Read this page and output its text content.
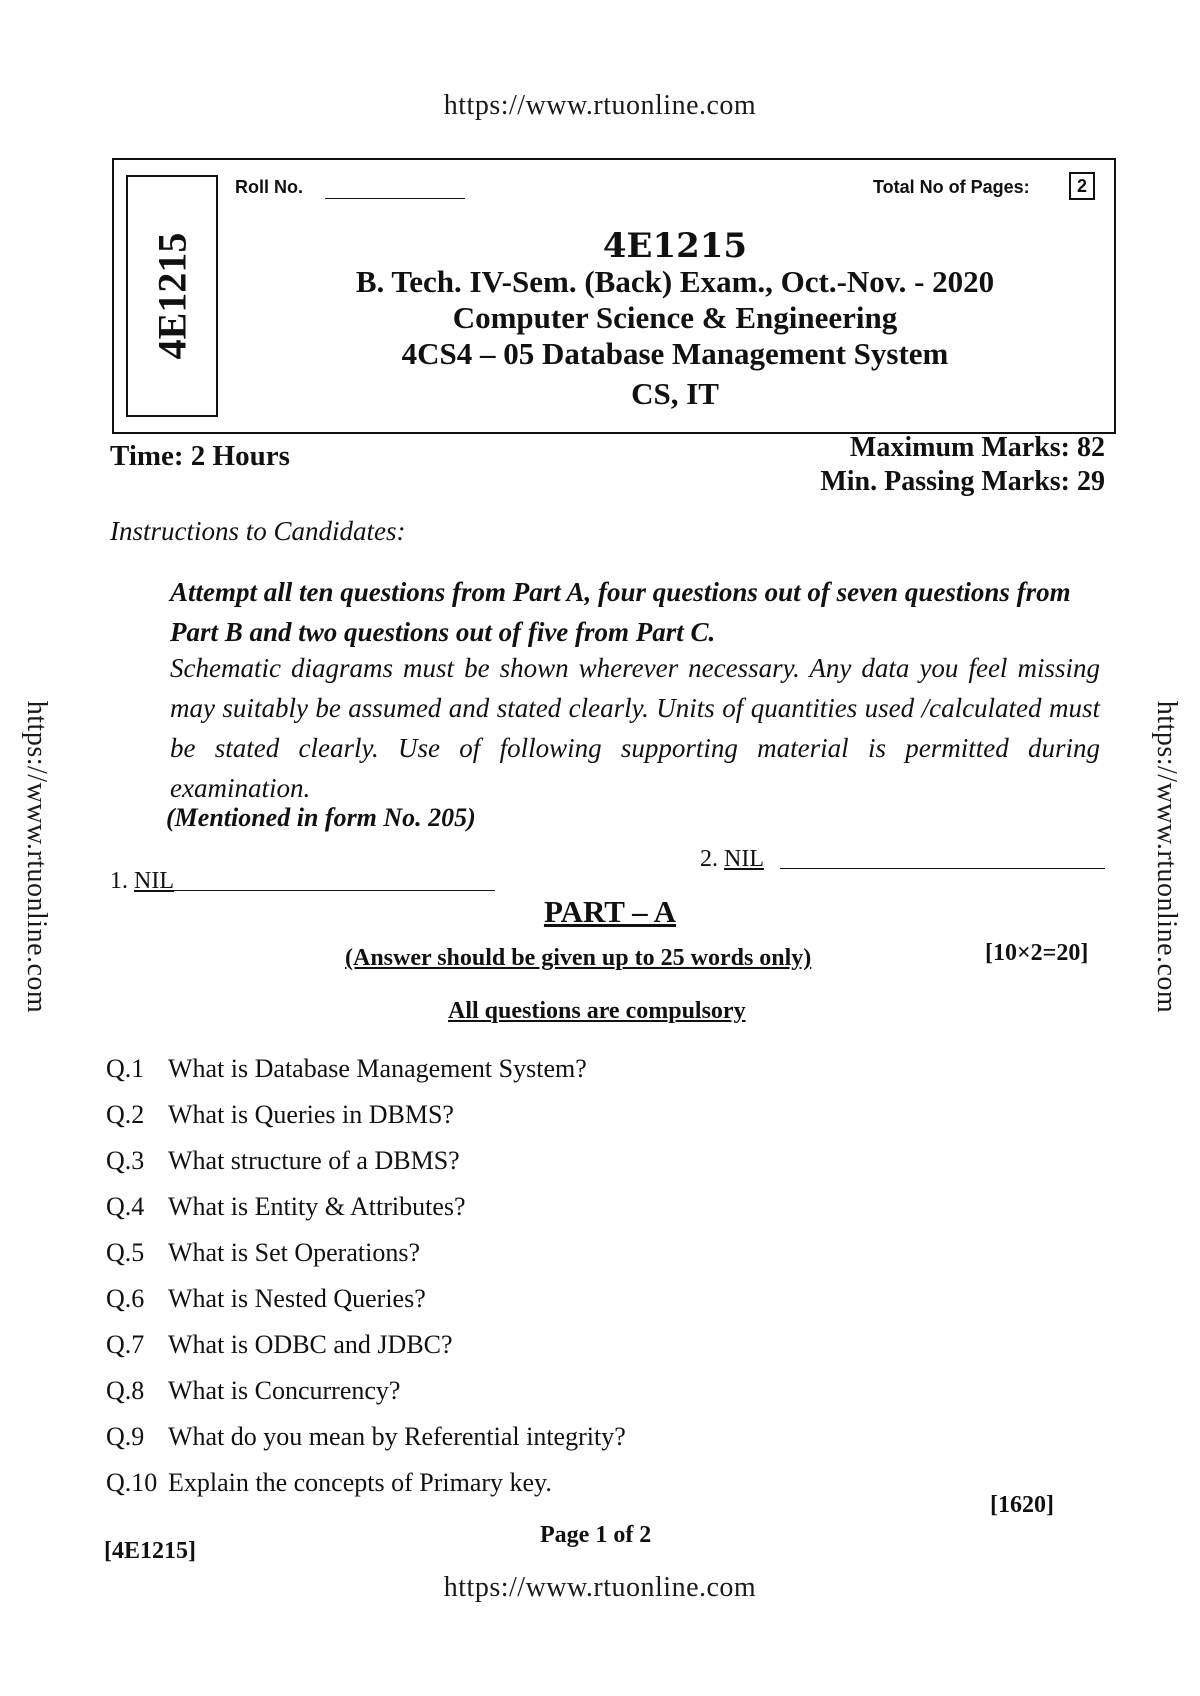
https://www.rtuonline.com
https://www.rtuonline.com	https://www.rtuonline.com
4E1215
Roll No.	Total No of Pages:	2
4E1215
B. Tech. IV-Sem. (Back) Exam., Oct.-Nov. - 2020
Computer Science & Engineering
4CS4 – 05 Database Management System
CS, IT
Time: 2 Hours	Maximum Marks: 82
Min. Passing Marks: 29
Instructions to Candidates:
Attempt all ten questions from Part A, four questions out of seven questions from Part B and two questions out of five from Part C.
Schematic diagrams must be shown wherever necessary. Any data you feel missing may suitably be assumed and stated clearly. Units of quantities used /calculated must be stated clearly. Use of following supporting material is permitted during examination.
(Mentioned in form No. 205)
1. NIL
2. NIL
PART – A
(Answer should be given up to 25 words only)	[10×2=20]
All questions are compulsory
Q.1 What is Database Management System?
Q.2 What is Queries in DBMS?
Q.3 What structure of a DBMS?
Q.4 What is Entity & Attributes?
Q.5 What is Set Operations?
Q.6 What is Nested Queries?
Q.7 What is ODBC and JDBC?
Q.8 What is Concurrency?
Q.9 What do you mean by Referential integrity?
Q.10 Explain the concepts of Primary key.
[1620]
[4E1215]
Page 1 of 2
https://www.rtuonline.com
